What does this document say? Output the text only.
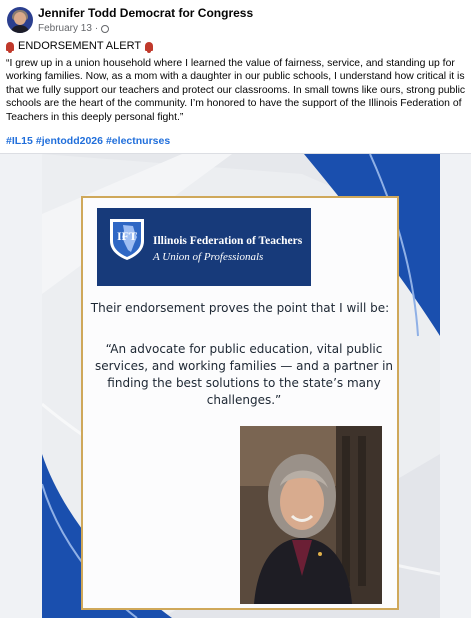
Jennifer Todd Democrat for Congress
February 13 ·
ENDORSEMENT ALERT

“I grew up in a union household where I learned the value of fairness, service, and standing up for working families. Now, as a mom with a daughter in our public schools, I understand how critical it is that we fully support our teachers and protect our classrooms. In small towns like ours, strong public schools are the heart of the community. I’m honored to have the support of the Illinois Federation of Teachers in this deeply personal fight.”

#IL15 #jentodd2026 #electnurses
IFT Illinois Federation of Teachers
A Union of Professionals
Their endorsement proves the point that I will be:

“An advocate for public education, vital public services, and working families — and a partner in finding the best solutions to the state’s many challenges.”
